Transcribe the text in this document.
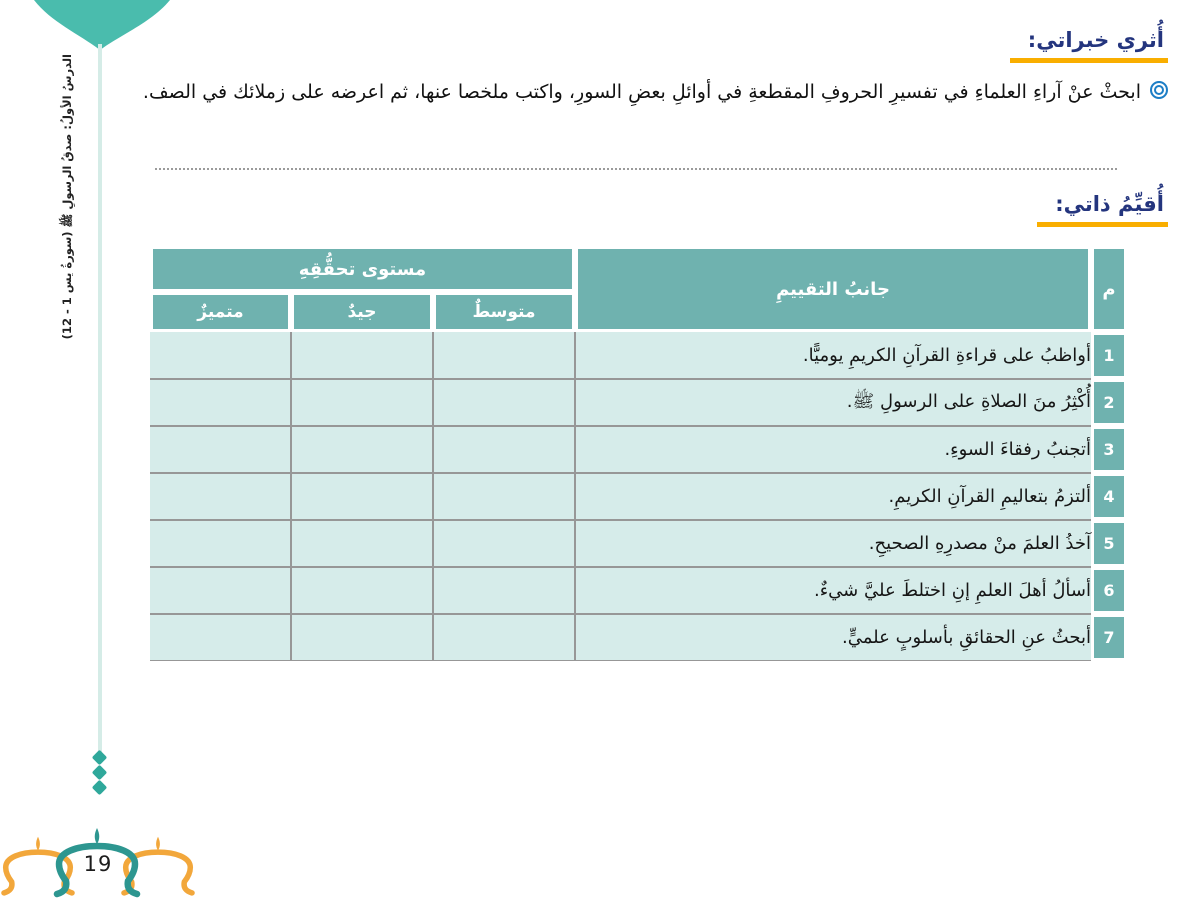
الدرسُ الأولُ: صدقُ الرسولِ ﷺ (سورةُ يس 1 - 12)
أُثري خبراتي:
ابحثْ عنْ آراءِ العلماءِ في تفسيرِ الحروفِ المقطعةِ في أوائلِ بعضِ السورِ، واكتب ملخصا عنها، ثم اعرضه على زملائك في الصف.
أُقيِّمُ ذاتي:
م	جانبُ التقييمِ	مستوى تحقُّقِهِ		
		متوسطٌ	جيدٌ	متميزٌ
1	أواظبُ على قراءةِ القرآنِ الكريمِ يوميًّا.			
2	أُكْثِرُ منَ الصلاةِ على الرسولِ ﷺ.			
3	أتجنبُ رفقاءَ السوءِ.			
4	ألتزمُ بتعاليمِ القرآنِ الكريمِ.			
5	آخذُ العلمَ منْ مصدرِهِ الصحيحِ.			
6	أسألُ أهلَ العلمِ إنِ اختلطَ عليَّ شيءٌ.			
7	أبحثُ عنِ الحقائقِ بأسلوبٍ علميٍّ.			
19
